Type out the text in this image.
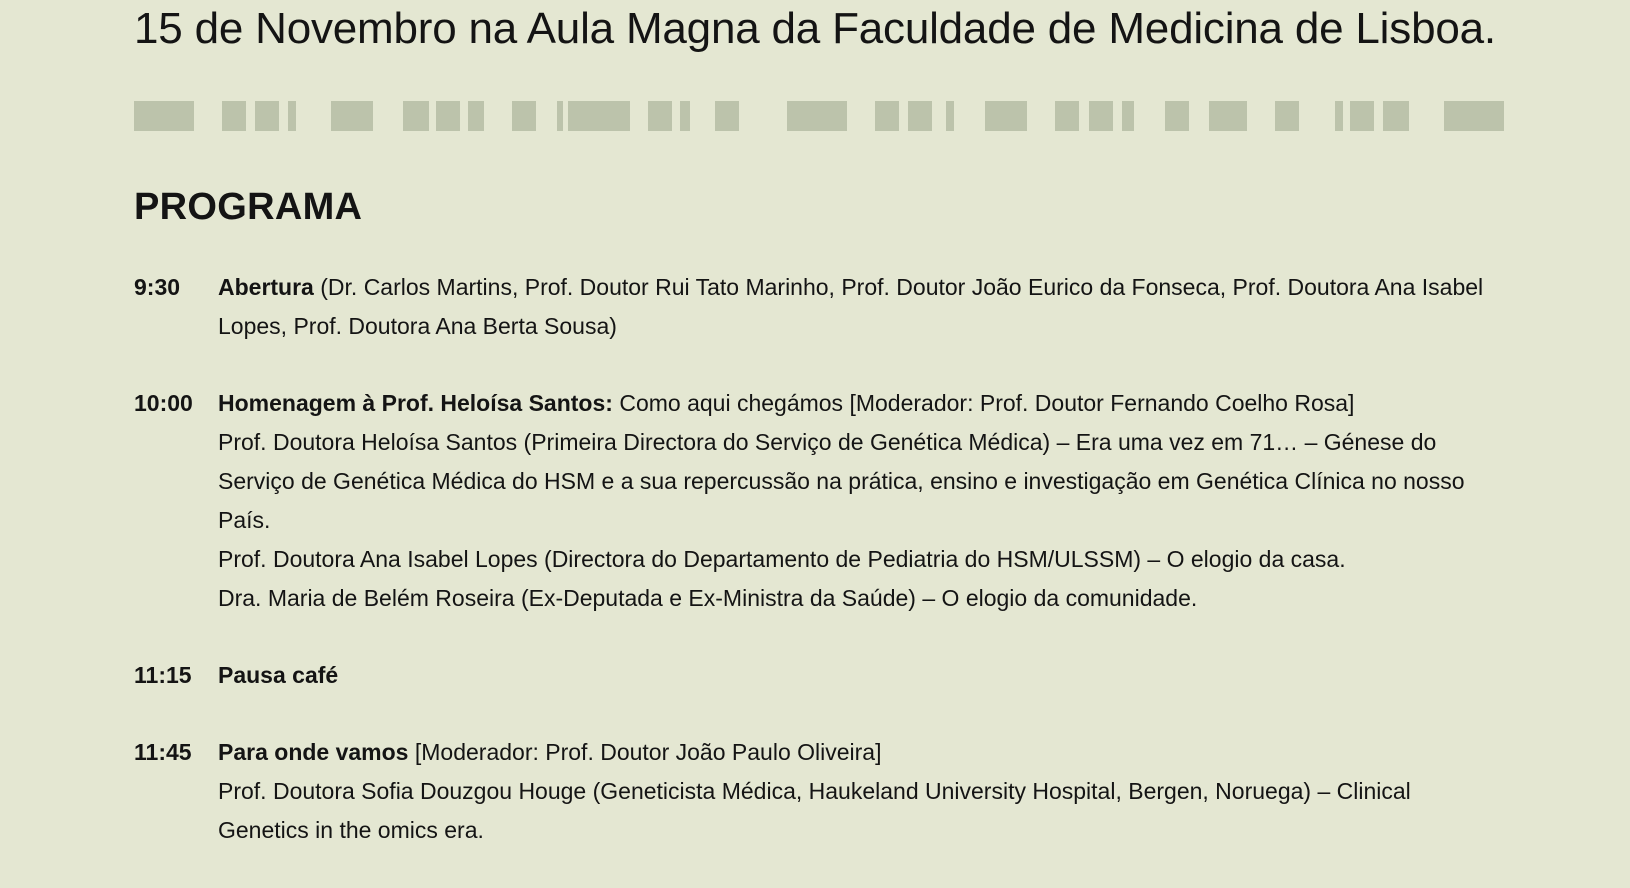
15 de Novembro na Aula Magna da Faculdade de Medicina de Lisboa.
PROGRAMA
9:30	Abertura (Dr. Carlos Martins, Prof. Doutor Rui Tato Marinho, Prof. Doutor João Eurico da Fonseca, Prof. Doutora Ana Isabel Lopes, Prof. Doutora Ana Berta Sousa)
10:00	Homenagem à Prof. Heloísa Santos: Como aqui chegámos [Moderador: Prof. Doutor Fernando Coelho Rosa]
Prof. Doutora Heloísa Santos (Primeira Directora do Serviço de Genética Médica) – Era uma vez em 71… – Génese do Serviço de Genética Médica do HSM e a sua repercussão na prática, ensino e investigação em Genética Clínica no nosso País.
Prof. Doutora Ana Isabel Lopes (Directora do Departamento de Pediatria do HSM/ULSSM) – O elogio da casa.
Dra. Maria de Belém Roseira (Ex-Deputada e Ex-Ministra da Saúde) – O elogio da comunidade.
11:15	Pausa café
11:45	Para onde vamos [Moderador: Prof. Doutor João Paulo Oliveira]
Prof. Doutora Sofia Douzgou Houge (Geneticista Médica, Haukeland University Hospital, Bergen, Noruega) – Clinical Genetics in the omics era.
